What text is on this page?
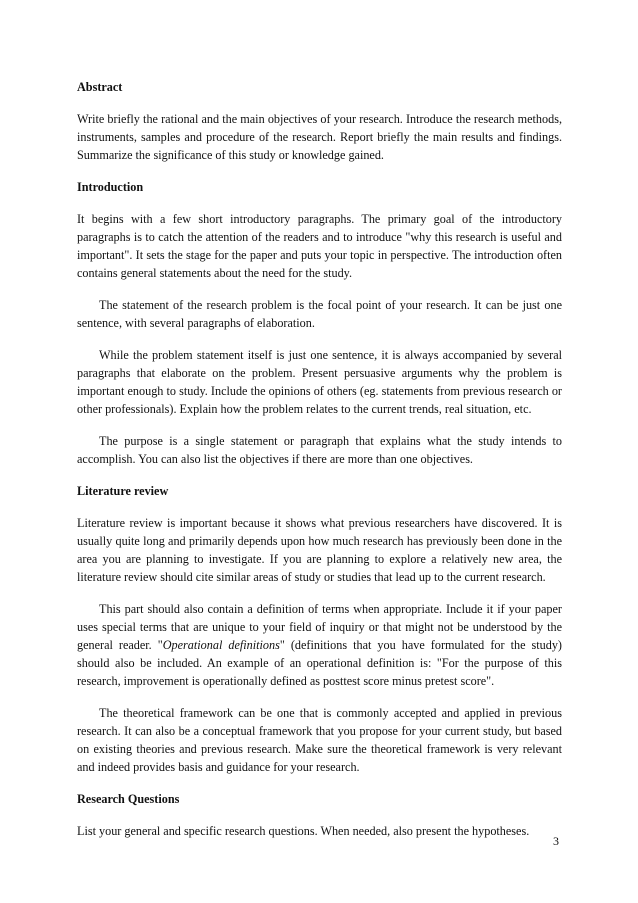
Abstract

Write briefly the rational and the main objectives of your research. Introduce the research methods, instruments, samples and procedure of the research. Report briefly the main results and findings. Summarize the significance of this study or knowledge gained.

Introduction

It begins with a few short introductory paragraphs. The primary goal of the introductory paragraphs is to catch the attention of the readers and to introduce "why this research is useful and important". It sets the stage for the paper and puts your topic in perspective. The introduction often contains general statements about the need for the study.

The statement of the research problem is the focal point of your research. It can be just one sentence, with several paragraphs of elaboration.

While the problem statement itself is just one sentence, it is always accompanied by several paragraphs that elaborate on the problem. Present persuasive arguments why the problem is important enough to study. Include the opinions of others (eg. statements from previous research or other professionals). Explain how the problem relates to the current trends, real situation, etc.

The purpose is a single statement or paragraph that explains what the study intends to accomplish. You can also list the objectives if there are more than one objectives.

Literature review

Literature review is important because it shows what previous researchers have discovered. It is usually quite long and primarily depends upon how much research has previously been done in the area you are planning to investigate. If you are planning to explore a relatively new area, the literature review should cite similar areas of study or studies that lead up to the current research.

This part should also contain a definition of terms when appropriate. Include it if your paper uses special terms that are unique to your field of inquiry or that might not be understood by the general reader. "Operational definitions" (definitions that you have formulated for the study) should also be included. An example of an operational definition is: "For the purpose of this research, improvement is operationally defined as posttest score minus pretest score".

The theoretical framework can be one that is commonly accepted and applied in previous research. It can also be a conceptual framework that you propose for your current study, but based on existing theories and previous research. Make sure the theoretical framework is very relevant and indeed provides basis and guidance for your research.

Research Questions

List your general and specific research questions. When needed, also present the hypotheses.

3
